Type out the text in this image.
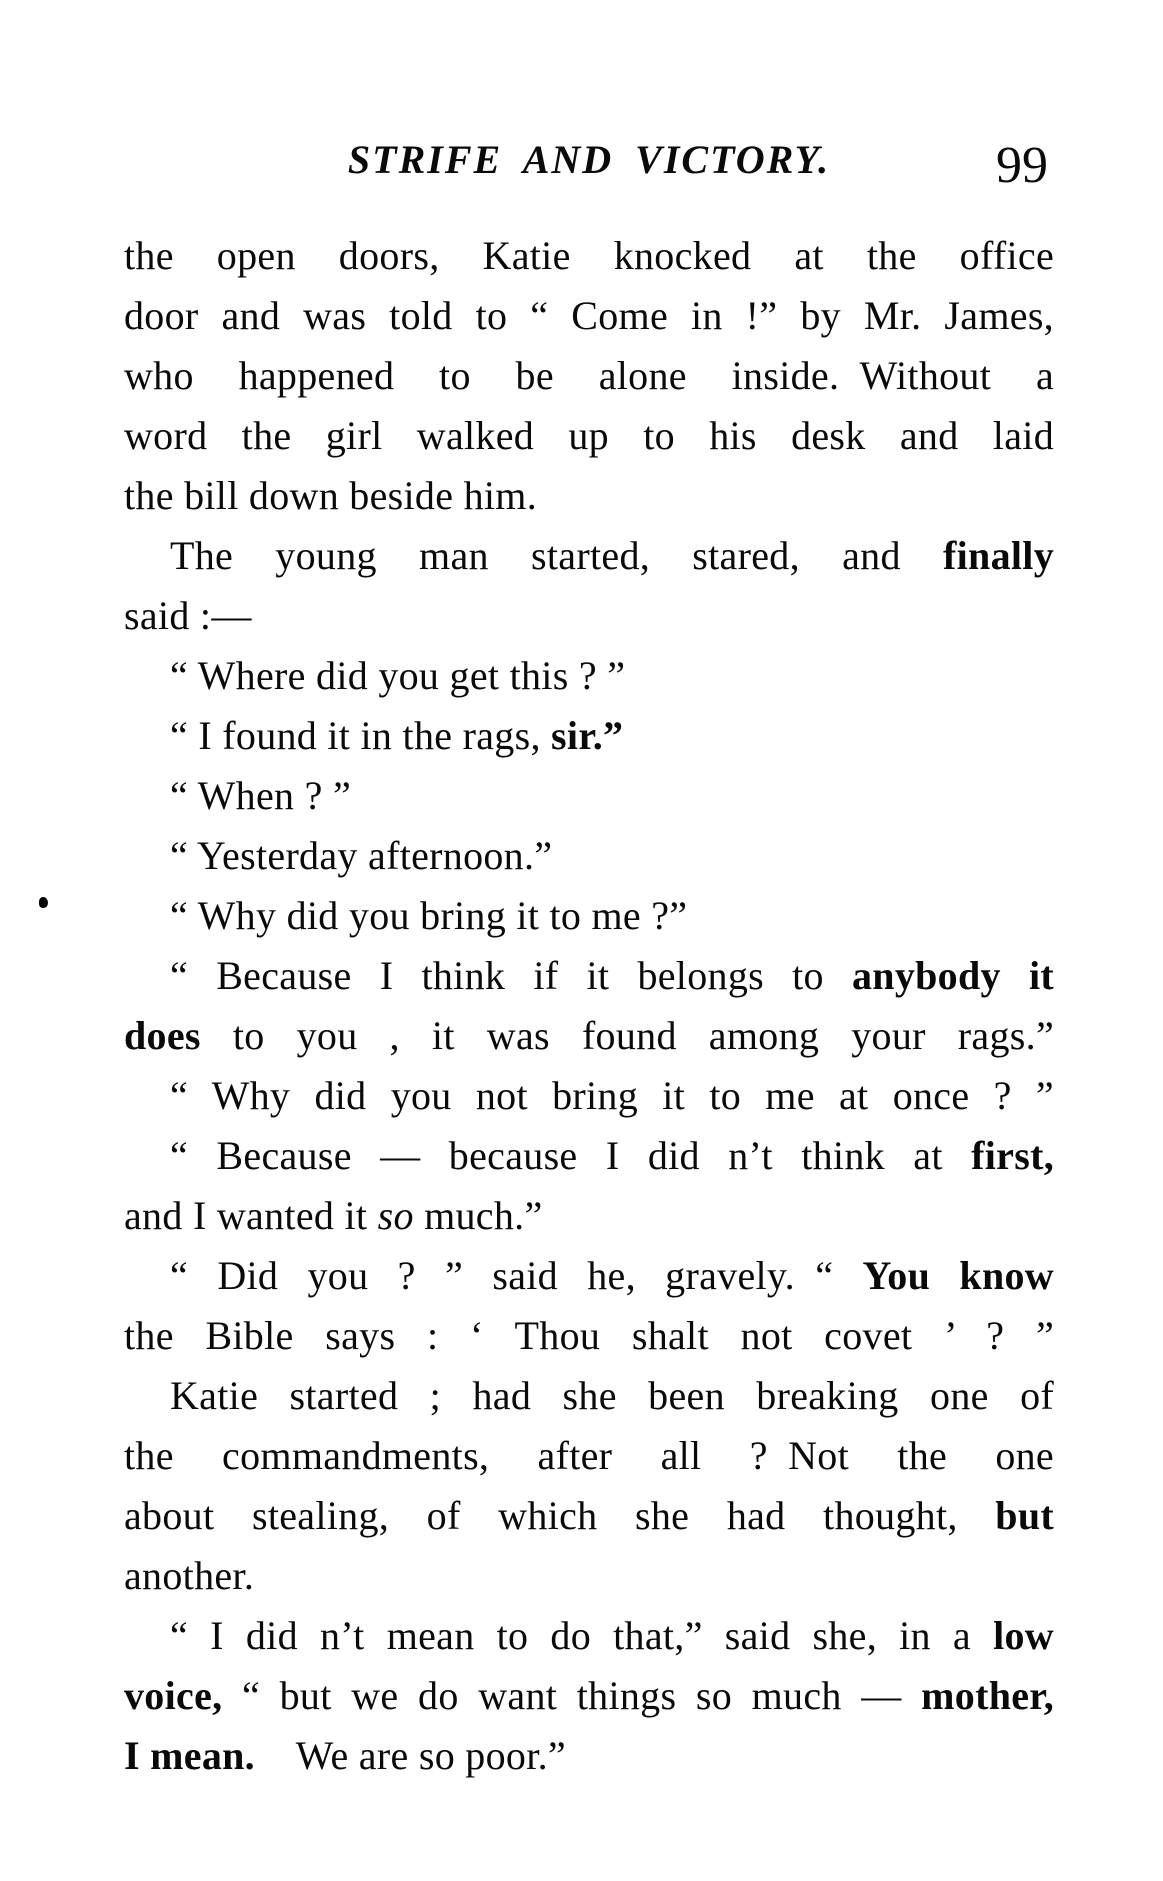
STRIFE AND VICTORY.	99
the open doors, Katie knocked at the office
door and was told to “ Come in !” by Mr. James,
who happened to be alone inside. Without a
word the girl walked up to his desk and laid
the bill down beside him.
The young man started, stared, and finally
said :—
“ Where did you get this ? ”
“ I found it in the rags, sir.”
“ When ? ”
“ Yesterday afternoon.”
“ Why did you bring it to me ?”
“ Because I think if it belongs to anybody it
does to you , it was found among your rags.”
“ Why did you not bring it to me at once ? ”
“ Because — because I did n’t think at first,
and I wanted it so much.”
“ Did you ? ” said he, gravely. “ You know
the Bible says : ‘ Thou shalt not covet ’ ? ”
Katie started ; had she been breaking one of
the commandments, after all ? Not the one
about stealing, of which she had thought, but
another.
“ I did n’t mean to do that,” said she, in a low
voice, “ but we do want things so much — mother,
I mean.  We are so poor.”
